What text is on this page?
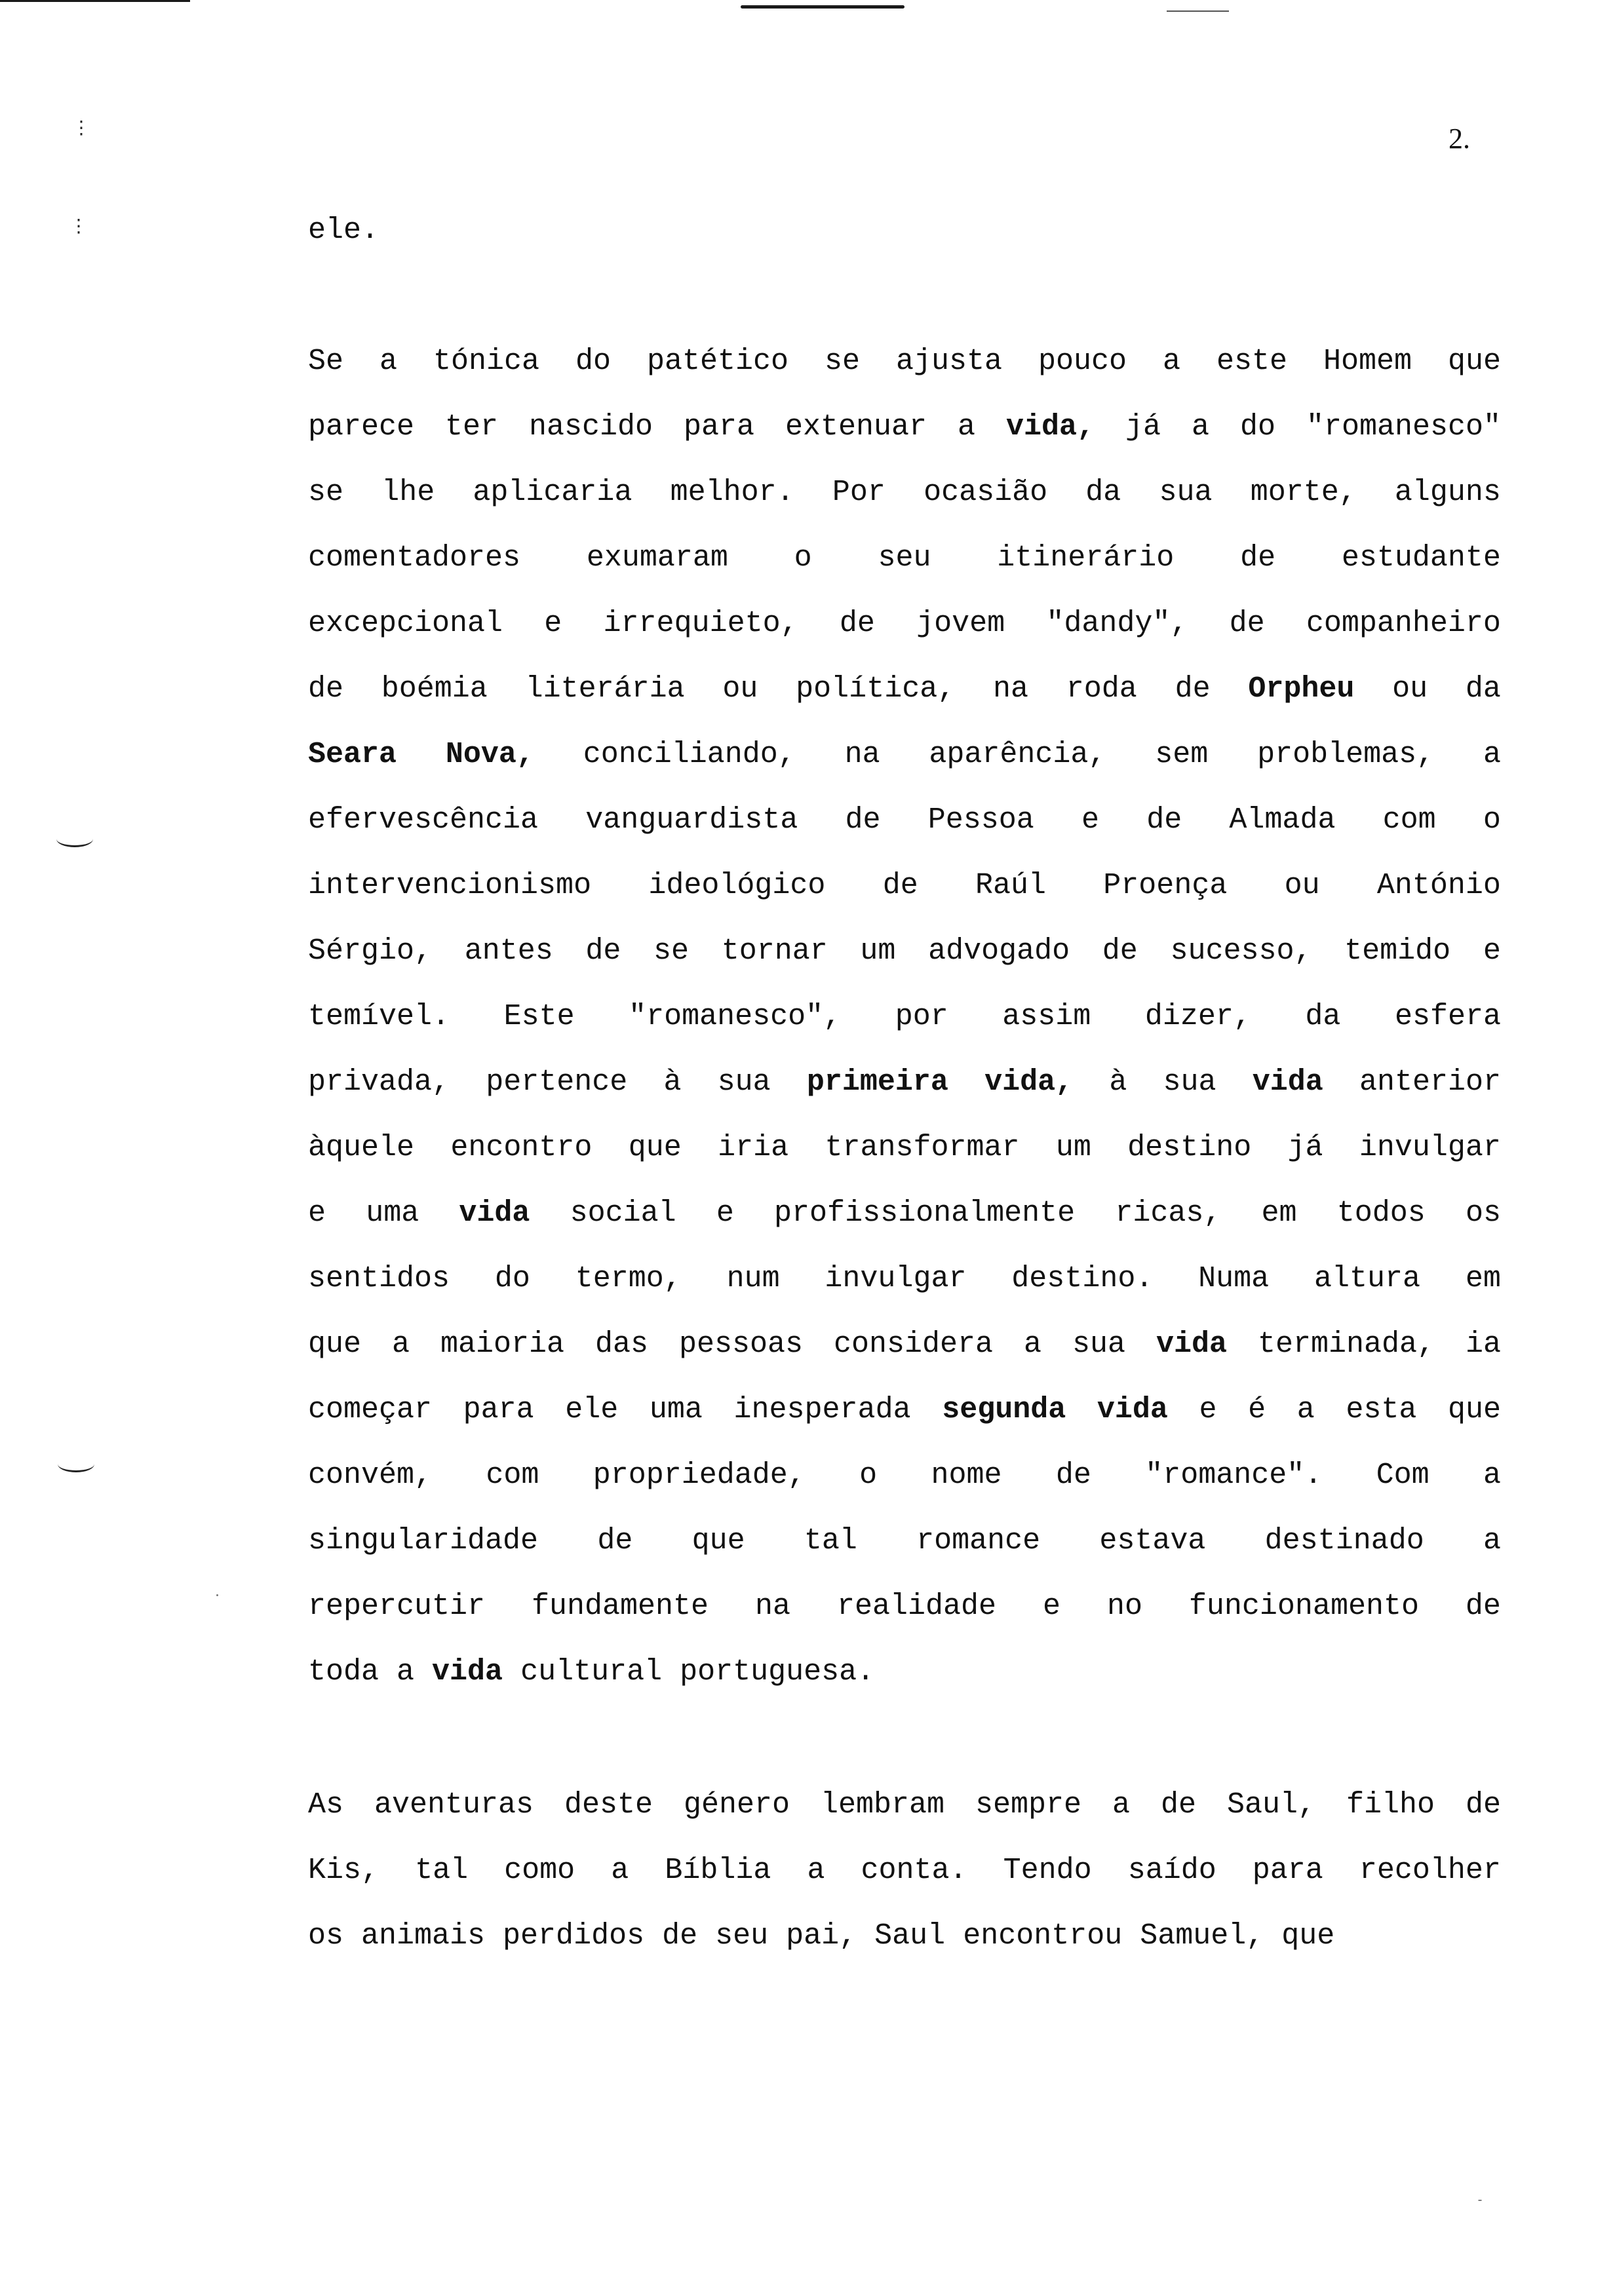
⋮
⋮
2.
ele.
Se a tónica do patético se ajusta pouco a este Homem que
parece ter nascido para extenuar a vida, já a do "romanesco"
se lhe aplicaria melhor. Por ocasião da sua morte, alguns
comentadores exumaram o seu itinerário de estudante
excepcional e irrequieto, de jovem "dandy", de companheiro
de boémia literária ou política, na roda de Orpheu ou da
Seara Nova, conciliando, na aparência, sem problemas, a
efervescência vanguardista de Pessoa e de Almada com o
intervencionismo ideológico de Raúl Proença ou António
Sérgio, antes de se tornar um advogado de sucesso, temido e
temível. Este "romanesco", por assim dizer, da esfera
privada, pertence à sua primeira vida, à sua vida anterior
àquele encontro que iria transformar um destino já invulgar
e uma vida social e profissionalmente ricas, em todos os
sentidos do termo, num invulgar destino. Numa altura em
que a maioria das pessoas considera a sua vida terminada, ia
começar para ele uma inesperada segunda vida e é a esta que
convém, com propriedade, o nome de "romance". Com a
singularidade de que tal romance estava destinado a
repercutir fundamente na realidade e no funcionamento de
toda a vida cultural portuguesa.
As aventuras deste género lembram sempre a de Saul, filho de
Kis, tal como a Bíblia a conta. Tendo saído para recolher
os animais perdidos de seu pai, Saul encontrou Samuel, que
